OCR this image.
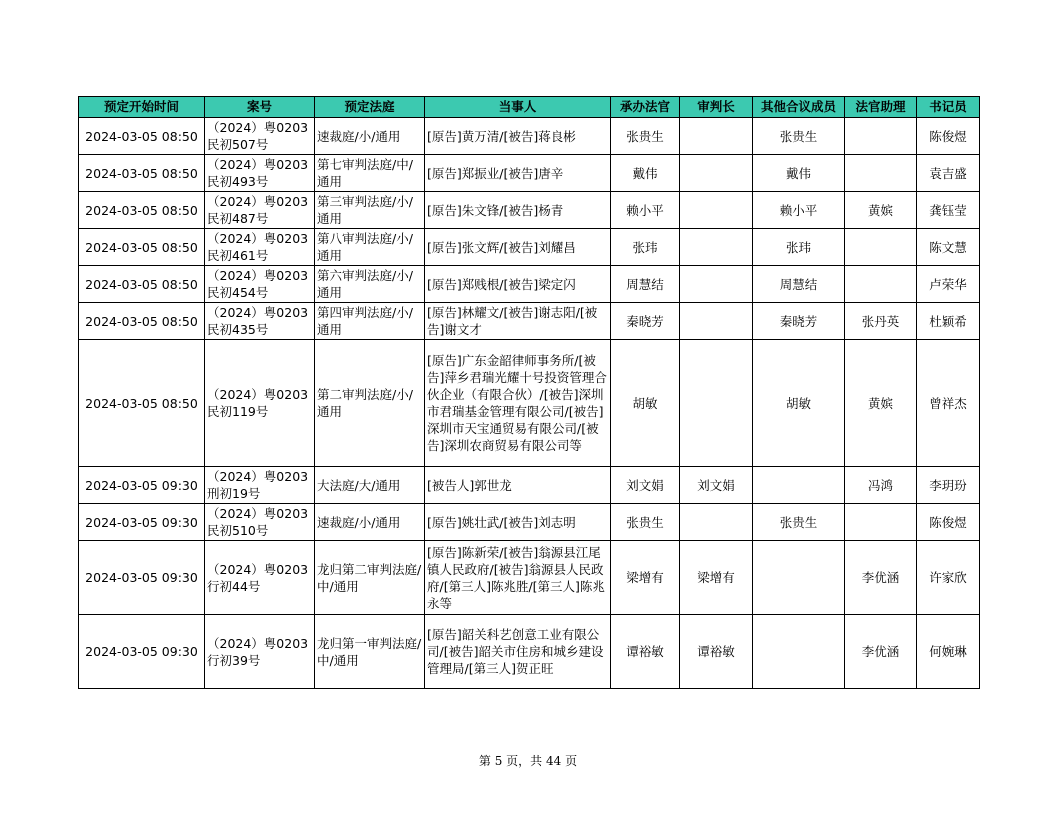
预定开始时间	案号	预定法庭	当事人	承办法官	审判长	其他合议成员	法官助理	书记员
2024-03-05 08:50	（2024）粤0203民初507号	速裁庭/小/通用	[原告]黄万清/[被告]蒋良彬	张贵生		张贵生		陈俊煜
2024-03-05 08:50	（2024）粤0203民初493号	第七审判法庭/中/通用	[原告]郑振业/[被告]唐辛	戴伟		戴伟		袁吉盛
2024-03-05 08:50	（2024）粤0203民初487号	第三审判法庭/小/通用	[原告]朱文锋/[被告]杨青	赖小平		赖小平	黄嫔	龚钰莹
2024-03-05 08:50	（2024）粤0203民初461号	第八审判法庭/小/通用	[原告]张文辉/[被告]刘耀昌	张玮		张玮		陈文慧
2024-03-05 08:50	（2024）粤0203民初454号	第六审判法庭/小/通用	[原告]郑贱根/[被告]梁定闪	周慧结		周慧结		卢荣华
2024-03-05 08:50	（2024）粤0203民初435号	第四审判法庭/小/通用	[原告]林耀文/[被告]谢志阳/[被告]谢文才	秦晓芳		秦晓芳	张丹英	杜颖希
2024-03-05 08:50	（2024）粤0203民初119号	第二审判法庭/小/通用	[原告]广东金韶律师事务所/[被告]萍乡君瑞光耀十号投资管理合伙企业（有限合伙）/[被告]深圳市君瑞基金管理有限公司/[被告]深圳市天宝通贸易有限公司/[被告]深圳农商贸易有限公司等	胡敏		胡敏	黄嫔	曾祥杰
2024-03-05 09:30	（2024）粤0203刑初19号	大法庭/大/通用	[被告人]郭世龙	刘文娟	刘文娟		冯鸿	李玥玢
2024-03-05 09:30	（2024）粤0203民初510号	速裁庭/小/通用	[原告]姚壮武/[被告]刘志明	张贵生		张贵生		陈俊煜
2024-03-05 09:30	（2024）粤0203行初44号	龙归第二审判法庭/中/通用	[原告]陈新荣/[被告]翁源县江尾镇人民政府/[被告]翁源县人民政府/[第三人]陈兆胜/[第三人]陈兆永等	梁增有	梁增有		李优涵	许家欣
2024-03-05 09:30	（2024）粤0203行初39号	龙归第一审判法庭/中/通用	[原告]韶关科艺创意工业有限公司/[被告]韶关市住房和城乡建设管理局/[第三人]贺正旺	谭裕敏	谭裕敏		李优涵	何婉琳
第 5 页，共 44 页
